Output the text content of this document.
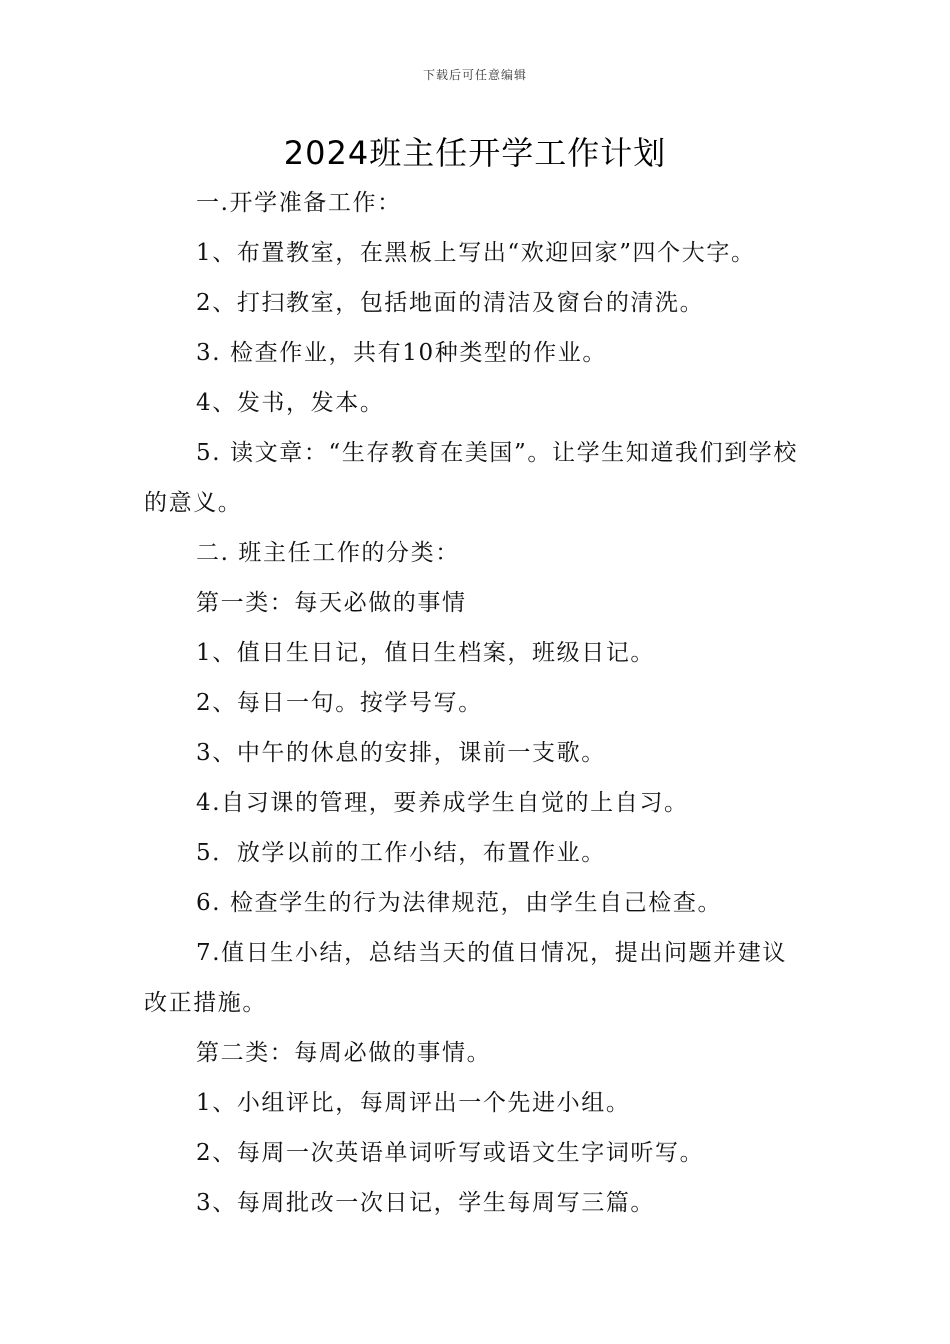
下载后可任意编辑
2024班主任开学工作计划

一.开学准备工作：

1、布置教室，在黑板上写出“欢迎回家”四个大字。

2、打扫教室，包括地面的清洁及窗台的清洗。

3. 检查作业，共有10种类型的作业。

4、发书，发本。

5. 读文章：“生存教育在美国”。让学生知道我们到学校的意义。

二. 班主任工作的分类：

第一类：每天必做的事情

1、值日生日记，值日生档案，班级日记。

2、每日一句。按学号写。

3、中午的休息的安排，课前一支歌。

4.自习课的管理，要养成学生自觉的上自习。

5．放学以前的工作小结，布置作业。

6. 检查学生的行为法律规范，由学生自己检查。

7.值日生小结，总结当天的值日情况，提出问题并建议改正措施。

第二类：每周必做的事情。

1、小组评比，每周评出一个先进小组。

2、每周一次英语单词听写或语文生字词听写。

3、每周批改一次日记，学生每周写三篇。
